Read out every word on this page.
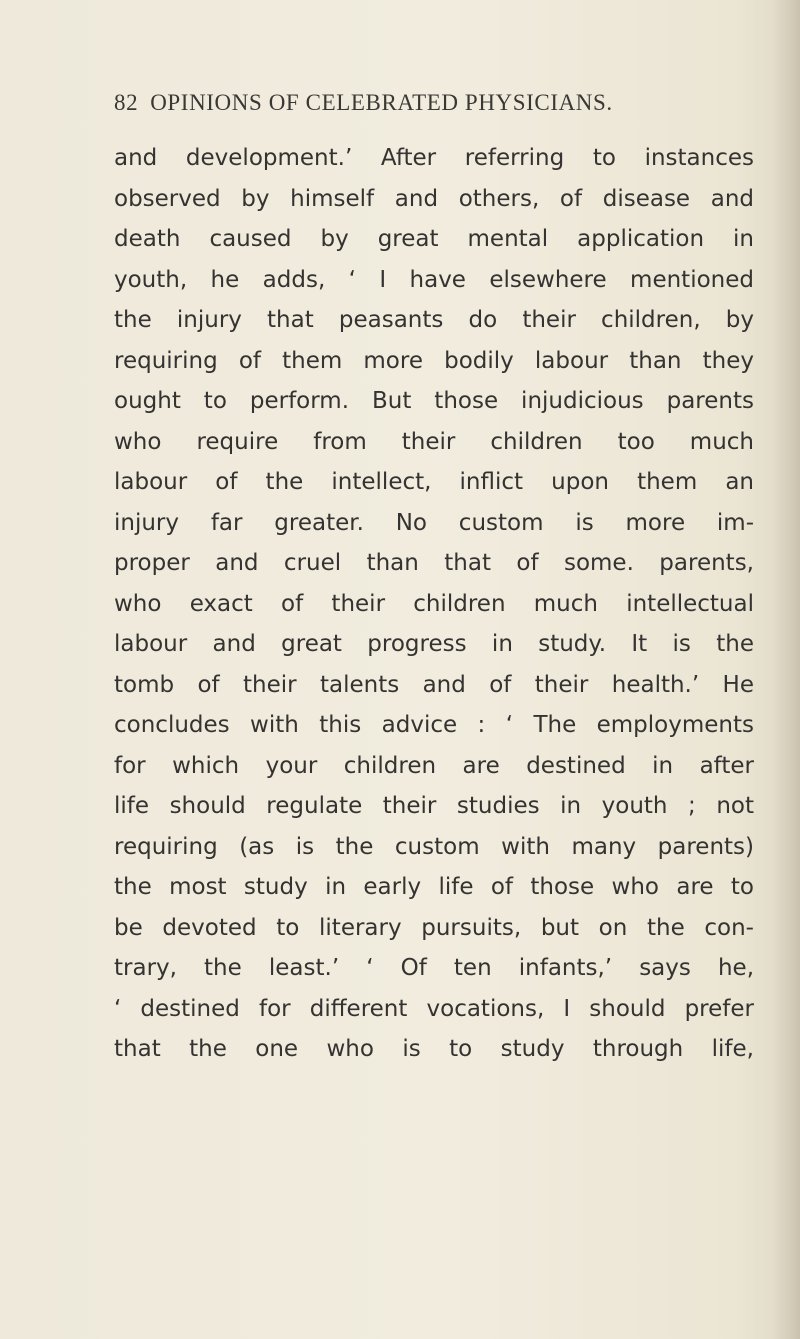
82 OPINIONS OF CELEBRATED PHYSICIANS.
and development.’ After referring to instances
observed by himself and others, of disease and
death caused by great mental application in
youth, he adds, ‘ I have elsewhere mentioned
the injury that peasants do their children, by
requiring of them more bodily labour than they
ought to perform. But those injudicious parents
who require from their children too much
labour of the intellect, inflict upon them an
injury far greater. No custom is more im-
proper and cruel than that of some. parents,
who exact of their children much intellectual
labour and great progress in study. It is the
tomb of their talents and of their health.’ He
concludes with this advice : ‘ The employments
for which your children are destined in after
life should regulate their studies in youth ; not
requiring (as is the custom with many parents)
the most study in early life of those who are to
be devoted to literary pursuits, but on the con-
trary, the least.’ ‘ Of ten infants,’ says he,
‘ destined for different vocations, I should prefer
that the one who is to study through life,
